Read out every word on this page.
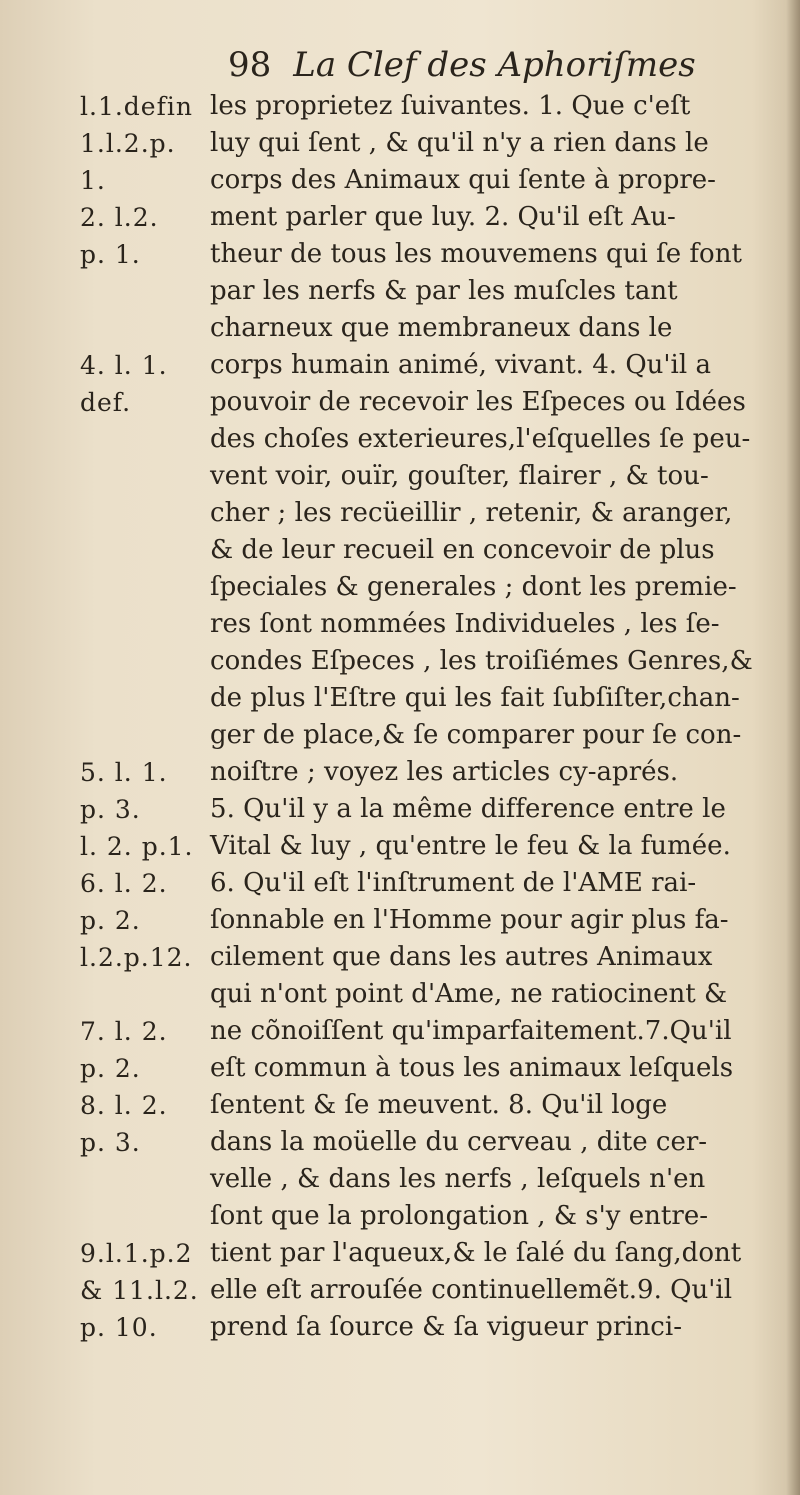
98 La Clef des Aphoriſmes
l.1.defin
1.l.2.p.
1.
2. l.2.
p. 1.
4. l. 1.
def.
5. l. 1.
p. 3.
l. 2. p.1.
6. l. 2.
p. 2.
l.2.p.12.
7. l. 2.
p. 2.
8. l. 2.
p. 3.
9.l.1.p.2
& 11.l.2.
p. 10.
les proprietez ſuivantes. 1. Que c'eſt
luy qui ſent , & qu'il n'y a rien dans le
corps des Animaux qui ſente à propre-
ment parler que luy. 2. Qu'il eſt Au-
theur de tous les mouvemens qui ſe font
par les nerfs & par les muſcles tant
charneux que membraneux dans le
corps humain animé, vivant. 4. Qu'il a
pouvoir de recevoir les Eſpeces ou Idées
des choſes exterieures,l'eſquelles ſe peu-
vent voir, ouïr, gouſter, flairer , & tou-
cher ; les recüeillir , retenir, & aranger,
& de leur recueil en concevoir de plus
ſpeciales & generales ; dont les premie-
res ſont nommées Individueles , les ſe-
condes Eſpeces , les troiſiémes Genres,&
de plus l'Eſtre qui les fait ſubſiſter,chan-
ger de place,& ſe comparer pour ſe con-
noiſtre ; voyez les articles cy-aprés.
5. Qu'il y a la même difference entre le
Vital & luy , qu'entre le feu & la fumée.
6. Qu'il eſt l'inſtrument de l'AME rai-
ſonnable en l'Homme pour agir plus fa-
cilement que dans les autres Animaux
qui n'ont point d'Ame, ne ratiocinent &
ne cõnoiſſent qu'imparfaitement.7.Qu'il
eſt commun à tous les animaux leſquels
ſentent & ſe meuvent. 8. Qu'il loge
dans la moüelle du cerveau , dite cer-
velle , & dans les nerfs , leſquels n'en
ſont que la prolongation , & s'y entre-
tient par l'aqueux,& le ſalé du ſang,dont
elle eſt arrouſée continuellemẽt.9. Qu'il
prend ſa ſource & ſa vigueur princi-
